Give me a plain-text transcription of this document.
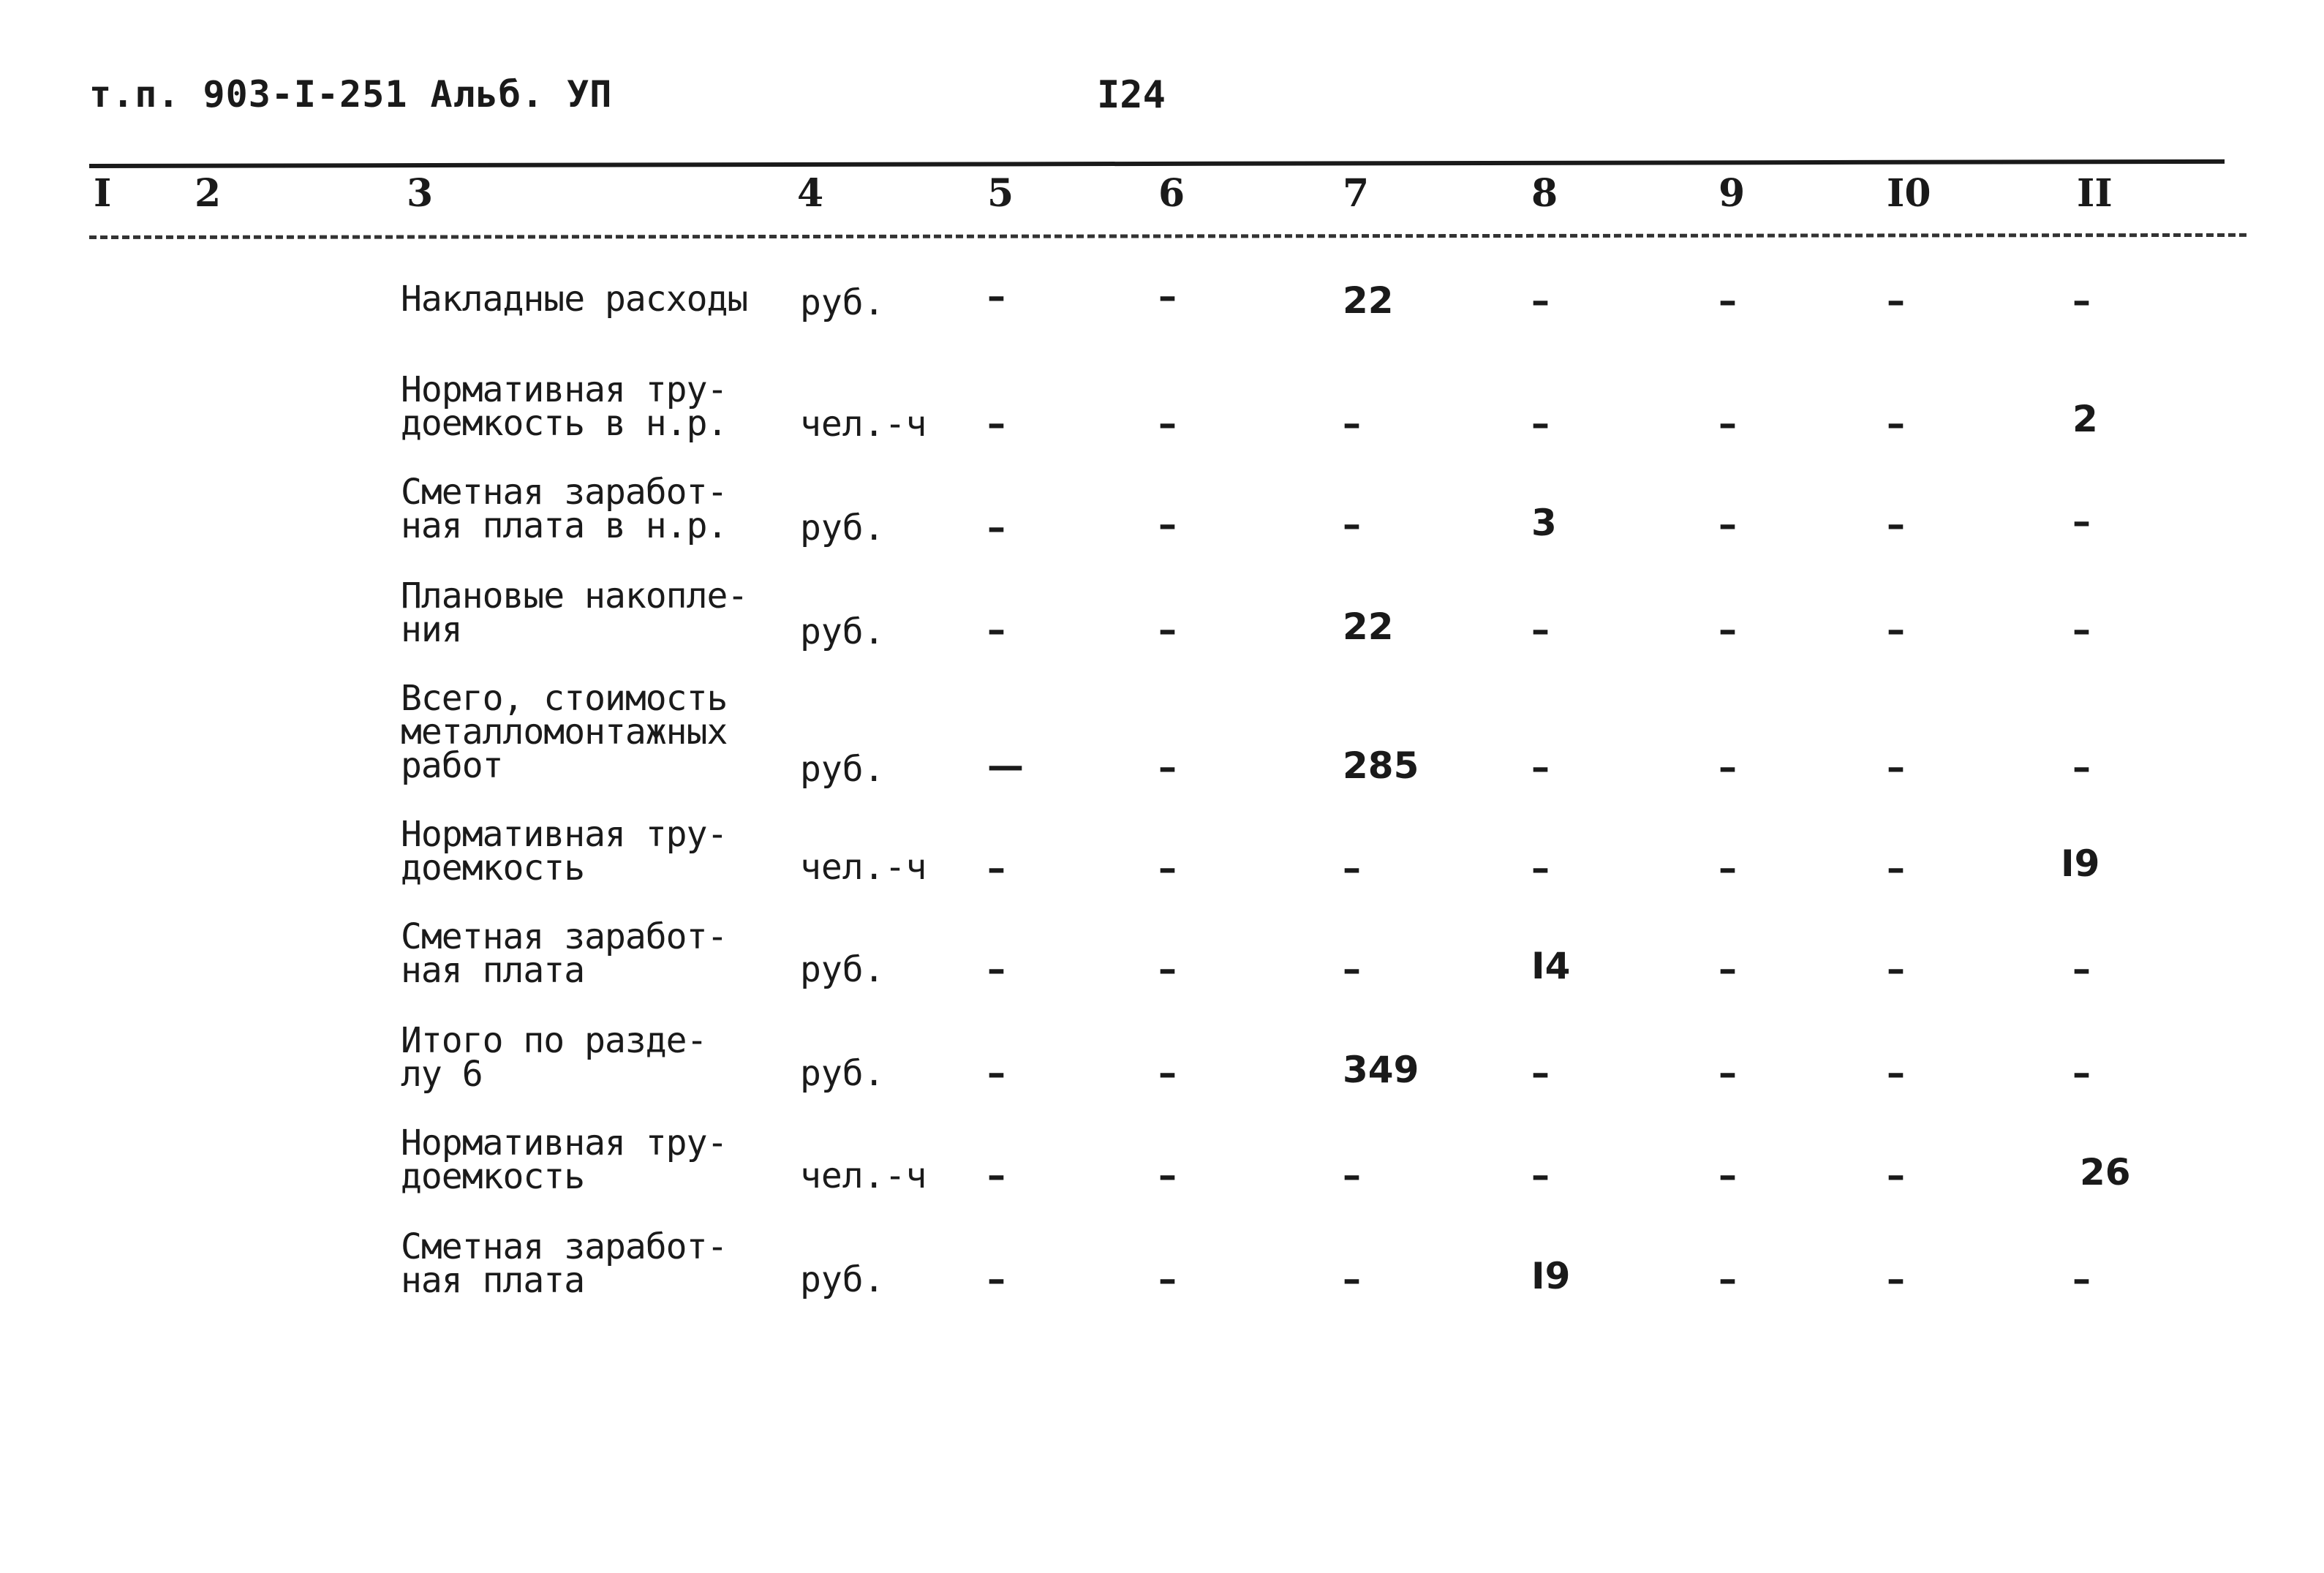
т.п. 903-I-251 Альб. УП	I24
I 2	3	4	5	6	7	8	9	I0	II
Накладные расходы	руб.	–	–	22	–	–	–	–
Нормативная тру-
доемкость в н.р.	чел.-ч –	–	–	–	–	–	2
Сметная заработ-
ная плата в н.р.	руб.	–	–	–	3	–	–	–
Плановые накопле-
ния	руб.	–	–	22	–	–	–	–
Всего, стоимость
металломонтажных
работ	руб.	—	–	285	–	–	–	–
Нормативная тру-
доемкость	чел.-ч –	–	–	–	–	–	I9
Сметная заработ-
ная плата	руб.	–	–	–	I4	–	–	–
Итого по разде-
лу 6	руб.	–	–	349	–	–	–	–
Нормативная тру-
доемкость	чел.-ч –	–	–	–	–	–	26
Сметная заработ-
ная плата	руб.	–	–	–	I9	–	–	–
